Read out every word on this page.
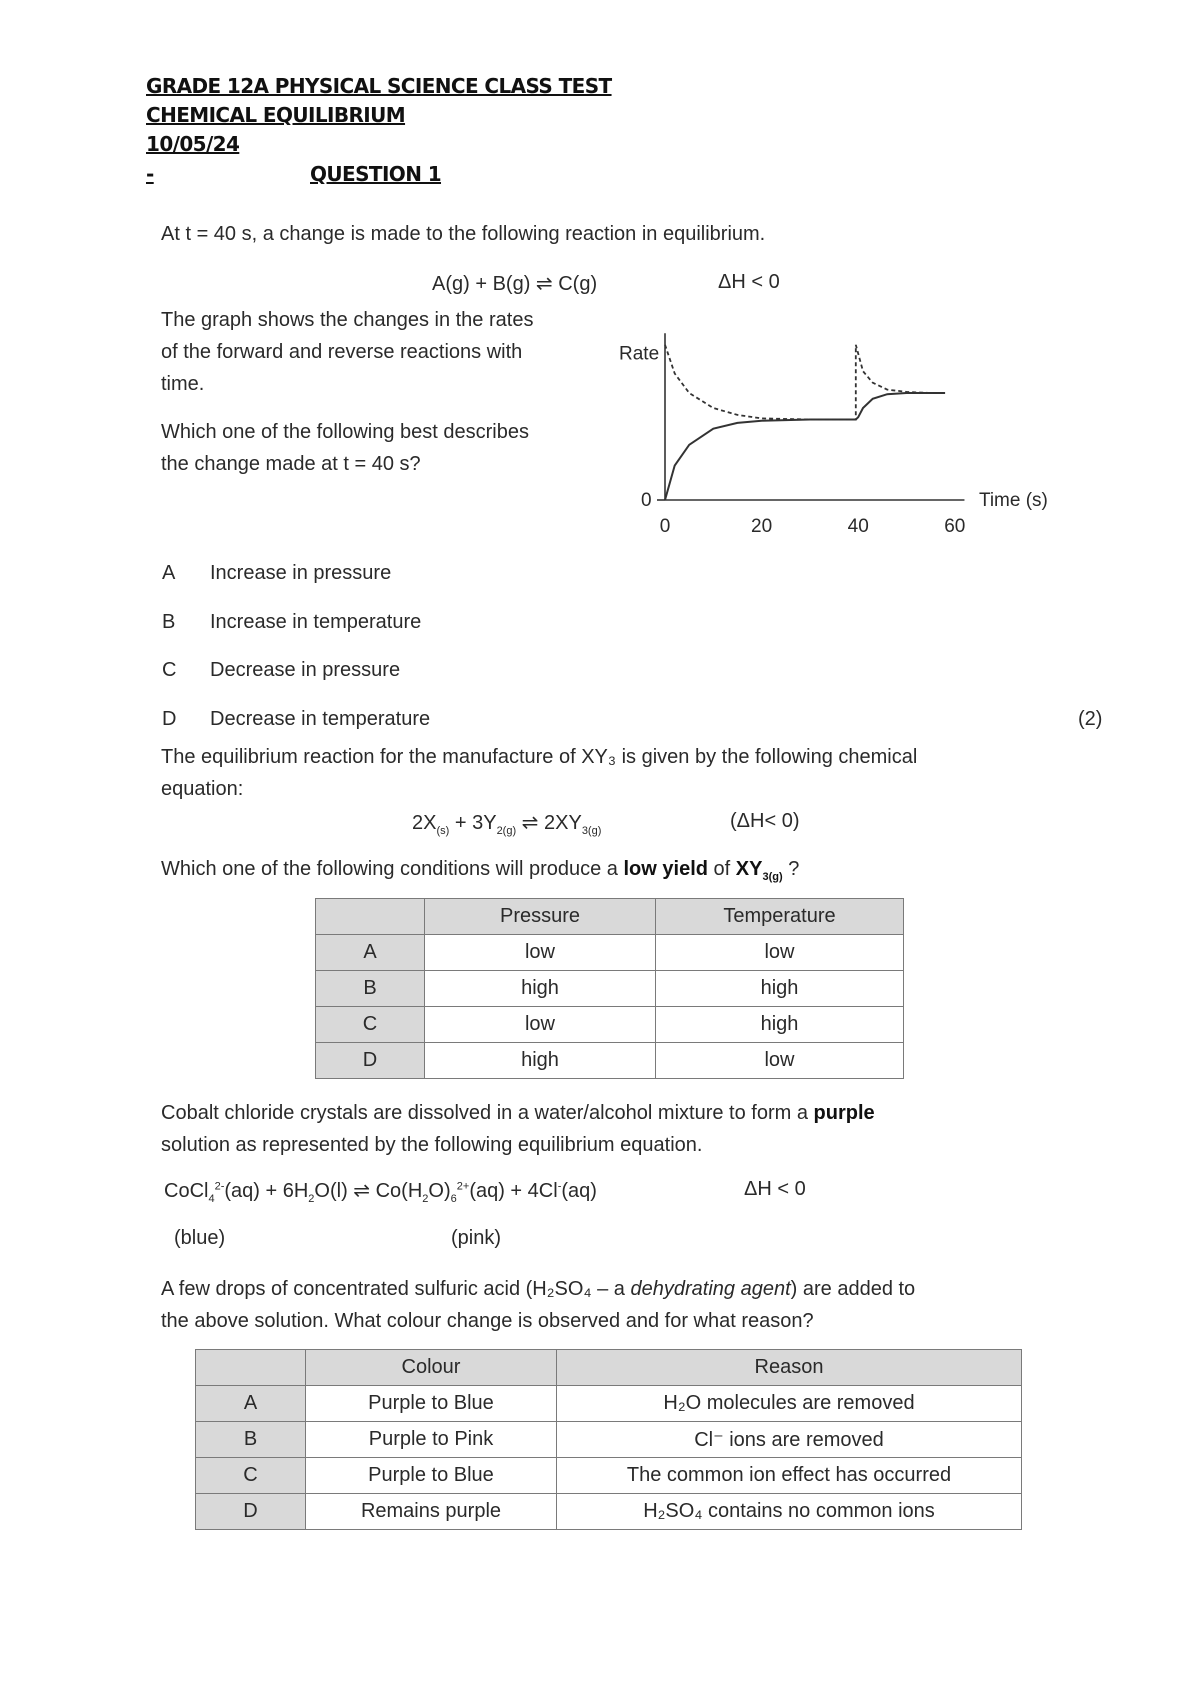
GRADE 12A PHYSICAL SCIENCE CLASS TEST
CHEMICAL EQUILIBRIUM
10/05/24
-	QUESTION 1
At t = 40 s, a change is made to the following reaction in equilibrium.
A(g) + B(g) ⇌ C(g)	ΔH < 0
The graph shows the changes in the rates
of the forward and reverse reactions with
time.
Which one of the following best describes
the change made at t = 40 s?
Rate
Time (s)
0
0	20	40	60
A Increase in pressure
B Increase in temperature
C Decrease in pressure
D Decrease in temperature	(2)
The equilibrium reaction for the manufacture of XY₃ is given by the following chemical
equation:
$2X_{(s)} + 3Y_{2(g)}$ ⇌ $2XY_{3(g)}$	(ΔH< 0)
Which one of the following conditions will produce a low yield of $XY_{3(g)}$ ?
	Pressure	Temperature
A	low	low
B	high	high
C	low	high
D	high	low
Cobalt chloride crystals are dissolved in a water/alcohol mixture to form a purple
solution as represented by the following equilibrium equation.
CoCl$_4^{2-}$(aq) + $6H_2O(l)$ ⇌ $Co(H_2O)_6^{2+}(aq) + 4Cl^-(aq)$	ΔH < 0
(blue)	(pink)
A few drops of concentrated sulfuric acid (H₂SO₄ – a dehydrating agent) are added to
the above solution. What colour change is observed and for what reason?
	Colour	Reason
A	Purple to Blue	H₂O molecules are removed
B	Purple to Pink	Cl⁻ ions are removed
C	Purple to Blue	The common ion effect has occurred
D	Remains purple	H₂SO₄ contains no common ions
